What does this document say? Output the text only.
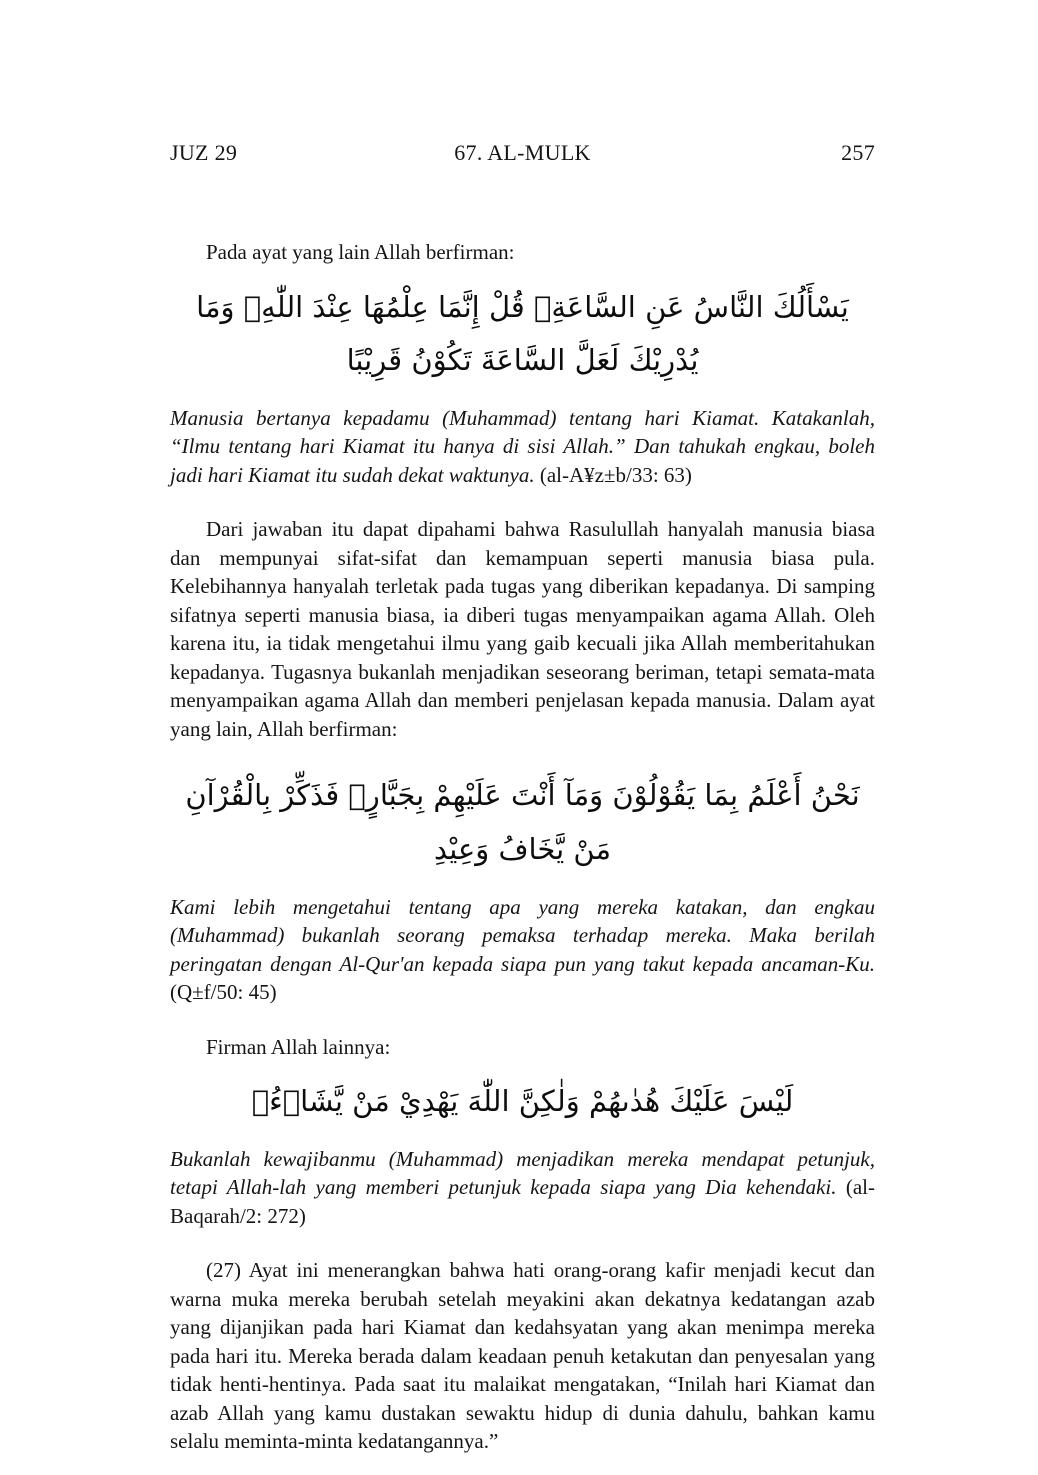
JUZ 29	67. AL-MULK	257

Pada ayat yang lain Allah berfirman:

يَسْأَلُكَ النَّاسُ عَنِ السَّاعَةِۗ قُلْ إِنَّمَا عِلْمُهَا عِنْدَ اللّٰهِۗ وَمَا يُدْرِيْكَ لَعَلَّ السَّاعَةَ تَكُوْنُ قَرِيْبًا

Manusia bertanya kepadamu (Muhammad) tentang hari Kiamat. Katakanlah, “Ilmu tentang hari Kiamat itu hanya di sisi Allah.” Dan tahukah engkau, boleh jadi hari Kiamat itu sudah dekat waktunya. (al-A¥z±b/33: 63)

Dari jawaban itu dapat dipahami bahwa Rasulullah hanyalah manusia biasa dan mempunyai sifat-sifat dan kemampuan seperti manusia biasa pula. Kelebihannya hanyalah terletak pada tugas yang diberikan kepadanya. Di samping sifatnya seperti manusia biasa, ia diberi tugas menyampaikan agama Allah. Oleh karena itu, ia tidak mengetahui ilmu yang gaib kecuali jika Allah memberitahukan kepadanya. Tugasnya bukanlah menjadikan seseorang beriman, tetapi semata-mata menyampaikan agama Allah dan memberi penjelasan kepada manusia. Dalam ayat yang lain, Allah berfirman:

نَحْنُ أَعْلَمُ بِمَا يَقُوْلُوْنَ وَمَآ أَنْتَ عَلَيْهِمْ بِجَبَّارٍۗ فَذَكِّرْ بِالْقُرْآنِ مَنْ يَّخَافُ وَعِيْدِ

Kami lebih mengetahui tentang apa yang mereka katakan, dan engkau (Muhammad) bukanlah seorang pemaksa terhadap mereka. Maka berilah peringatan dengan Al-Qur'an kepada siapa pun yang takut kepada ancaman-Ku. (Q±f/50: 45)

Firman Allah lainnya:

لَيْسَ عَلَيْكَ هُدٰىهُمْ وَلٰكِنَّ اللّٰهَ يَهْدِيْ مَنْ يَّشَاۤءُۗ

Bukanlah kewajibanmu (Muhammad) menjadikan mereka mendapat petunjuk, tetapi Allah-lah yang memberi petunjuk kepada siapa yang Dia kehendaki. (al-Baqarah/2: 272)

(27) Ayat ini menerangkan bahwa hati orang-orang kafir menjadi kecut dan warna muka mereka berubah setelah meyakini akan dekatnya kedatangan azab yang dijanjikan pada hari Kiamat dan kedahsyatan yang akan menimpa mereka pada hari itu. Mereka berada dalam keadaan penuh ketakutan dan penyesalan yang tidak henti-hentinya. Pada saat itu malaikat mengatakan, “Inilah hari Kiamat dan azab Allah yang kamu dustakan sewaktu hidup di dunia dahulu, bahkan kamu selalu meminta-minta kedatangannya.”
